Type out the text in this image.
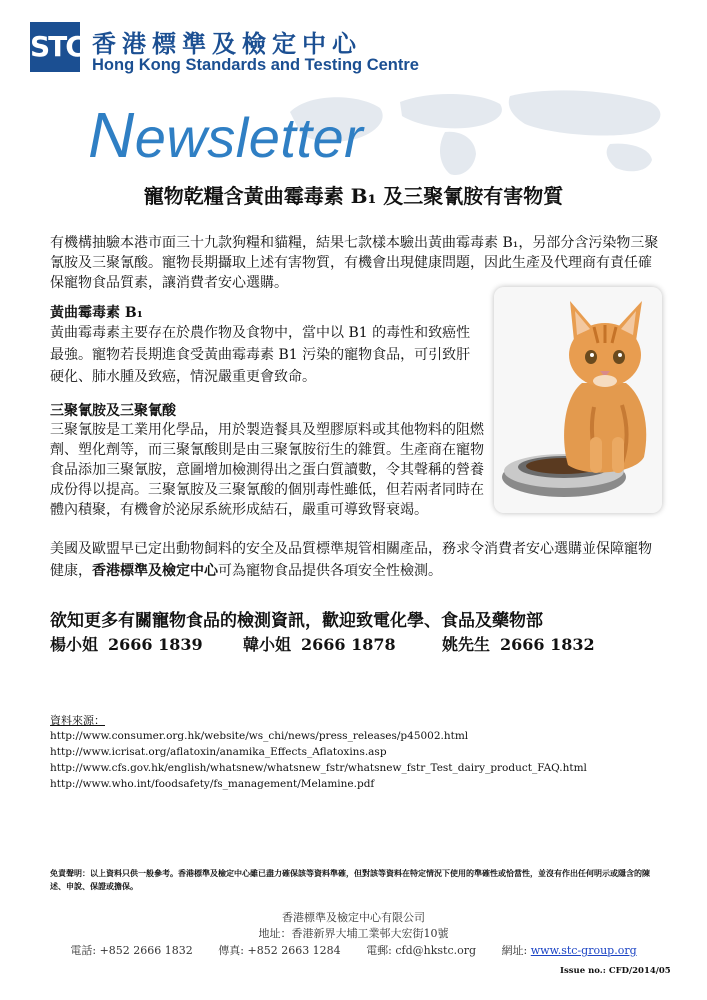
STC 香港標準及檢定中心
Hong Kong Standards and Testing Centre
Newsletter
寵物乾糧含黃曲霉毒素 B₁ 及三聚氰胺有害物質
有機構抽驗本港市面三十九款狗糧和貓糧，結果七款樣本驗出黃曲霉毒素 B₁，另部分含污染物三聚氰胺及三聚氰酸。寵物長期攝取上述有害物質，有機會出現健康問題，因此生產及代理商有責任確保寵物食品質素，讓消費者安心選購。
黃曲霉毒素 B₁
黃曲霉毒素主要存在於農作物及食物中，當中以 B1 的毒性和致癌性最強。寵物若長期進食受黃曲霉毒素 B1 污染的寵物食品，可引致肝硬化、肺水腫及致癌，情況嚴重更會致命。
三聚氰胺及三聚氰酸
三聚氰胺是工業用化學品，用於製造餐具及塑膠原料或其他物料的阻燃劑、塑化劑等，而三聚氰酸則是由三聚氰胺衍生的雜質。生產商在寵物食品添加三聚氰胺，意圖增加檢測得出之蛋白質讀數，令其聲稱的營養成份得以提高。三聚氰胺及三聚氰酸的個別毒性雖低，但若兩者同時在體內積聚，有機會於泌尿系統形成結石，嚴重可導致腎衰竭。
美國及歐盟早已定出動物飼料的安全及品質標準規管相關產品，務求令消費者安心選購並保障寵物健康，香港標準及檢定中心可為寵物食品提供各項安全性檢測。
欲知更多有關寵物食品的檢測資訊，歡迎致電化學、食品及藥物部
楊小姐 2666 1839	韓小姐 2666 1878	姚先生 2666 1832
資料來源：
http://www.consumer.org.hk/website/ws_chi/news/press_releases/p45002.html
http://www.icrisat.org/aflatoxin/anamika_Effects_Aflatoxins.asp
http://www.cfs.gov.hk/english/whatsnew/whatsnew_fstr/whatsnew_fstr_Test_dairy_product_FAQ.html
http://www.who.int/foodsafety/fs_management/Melamine.pdf
免責聲明：以上資料只供一般參考。香港標準及檢定中心雖已盡力確保該等資料準確，但對該等資料在特定情況下使用的準確性或恰當性，並沒有作出任何明示或隱含的陳述、申說、保證或擔保。
香港標準及檢定中心有限公司
地址：香港新界大埔工業邨大宏街10號
電話: +852 2666 1832 傳真: +852 2663 1284 電郵: cfd@hkstc.org 網址: www.stc-group.org
Issue no.: CFD/2014/05
